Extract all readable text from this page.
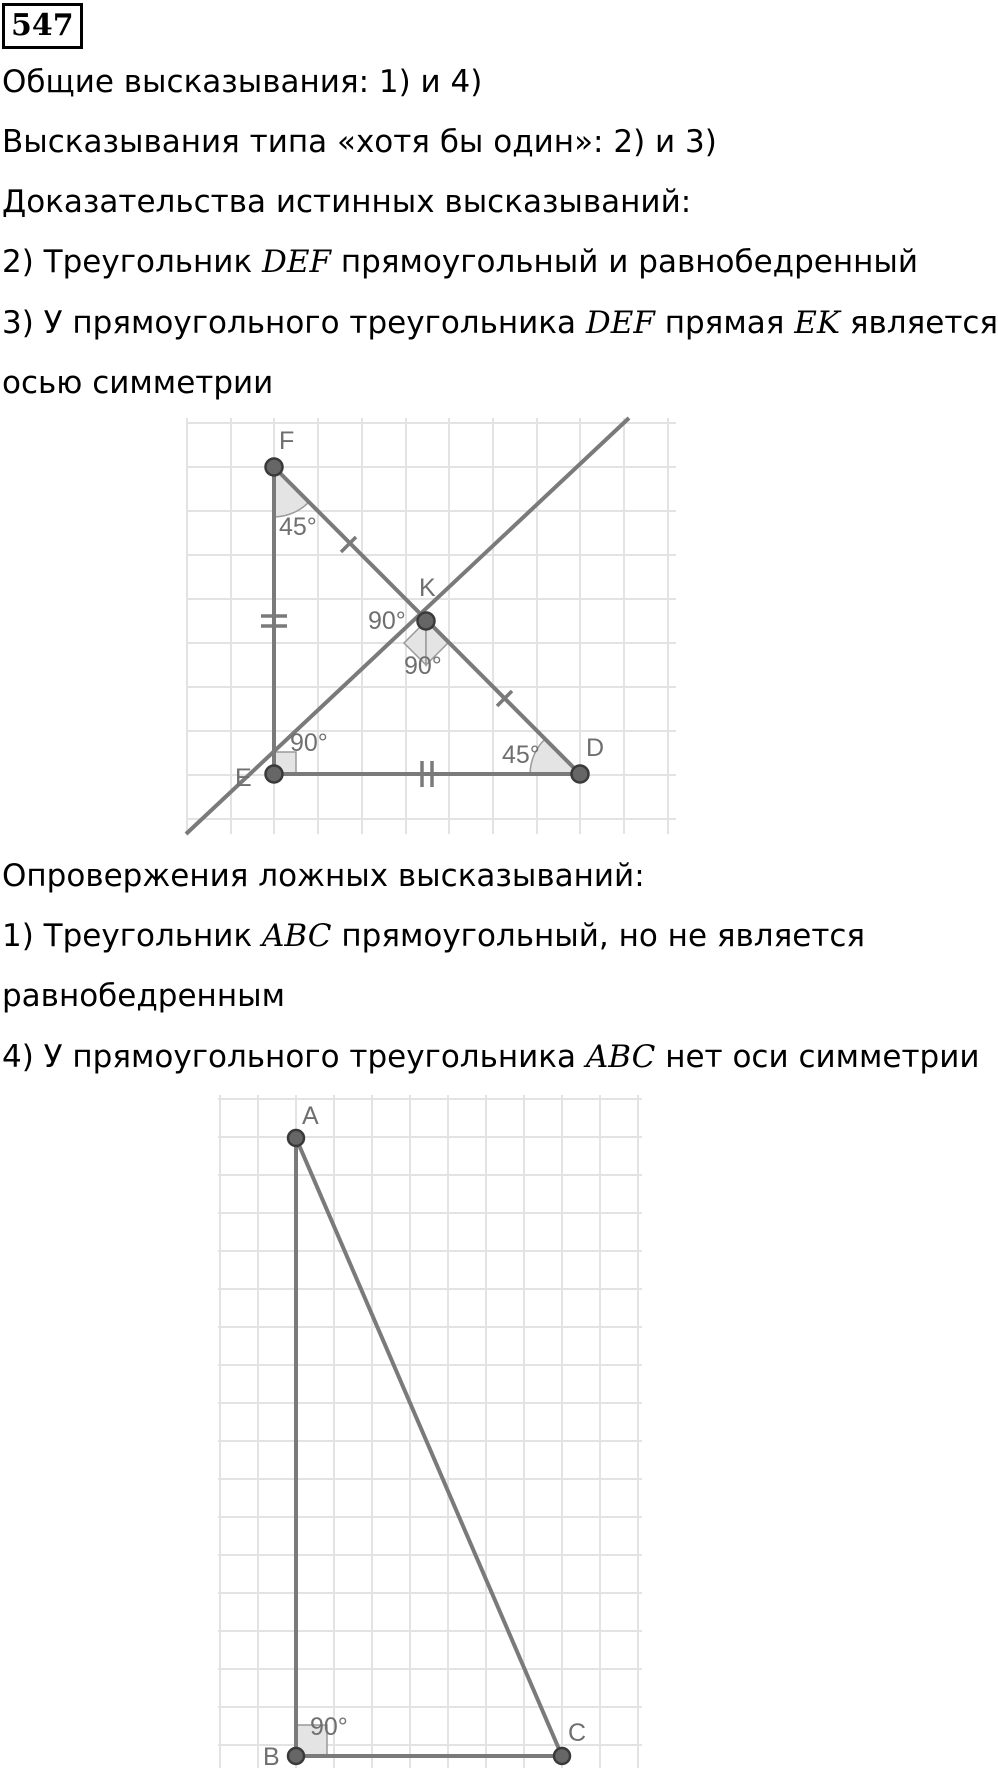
547
Общие высказывания: 1) и 4)
Высказывания типа «хотя бы один»: 2) и 3)
Доказательства истинных высказываний:
2) Треугольник DEF прямоугольный и равнобедренный
3) У прямоугольного треугольника DEF прямая EK является
осью симметрии
F
K
E
D
45°
90°
90°
90°	45°
Опровержения ложных высказываний:
1) Треугольник ABC прямоугольный, но не является
равнобедренным
4) У прямоугольного треугольника ABC нет оси симметрии
A
B
C
90°
